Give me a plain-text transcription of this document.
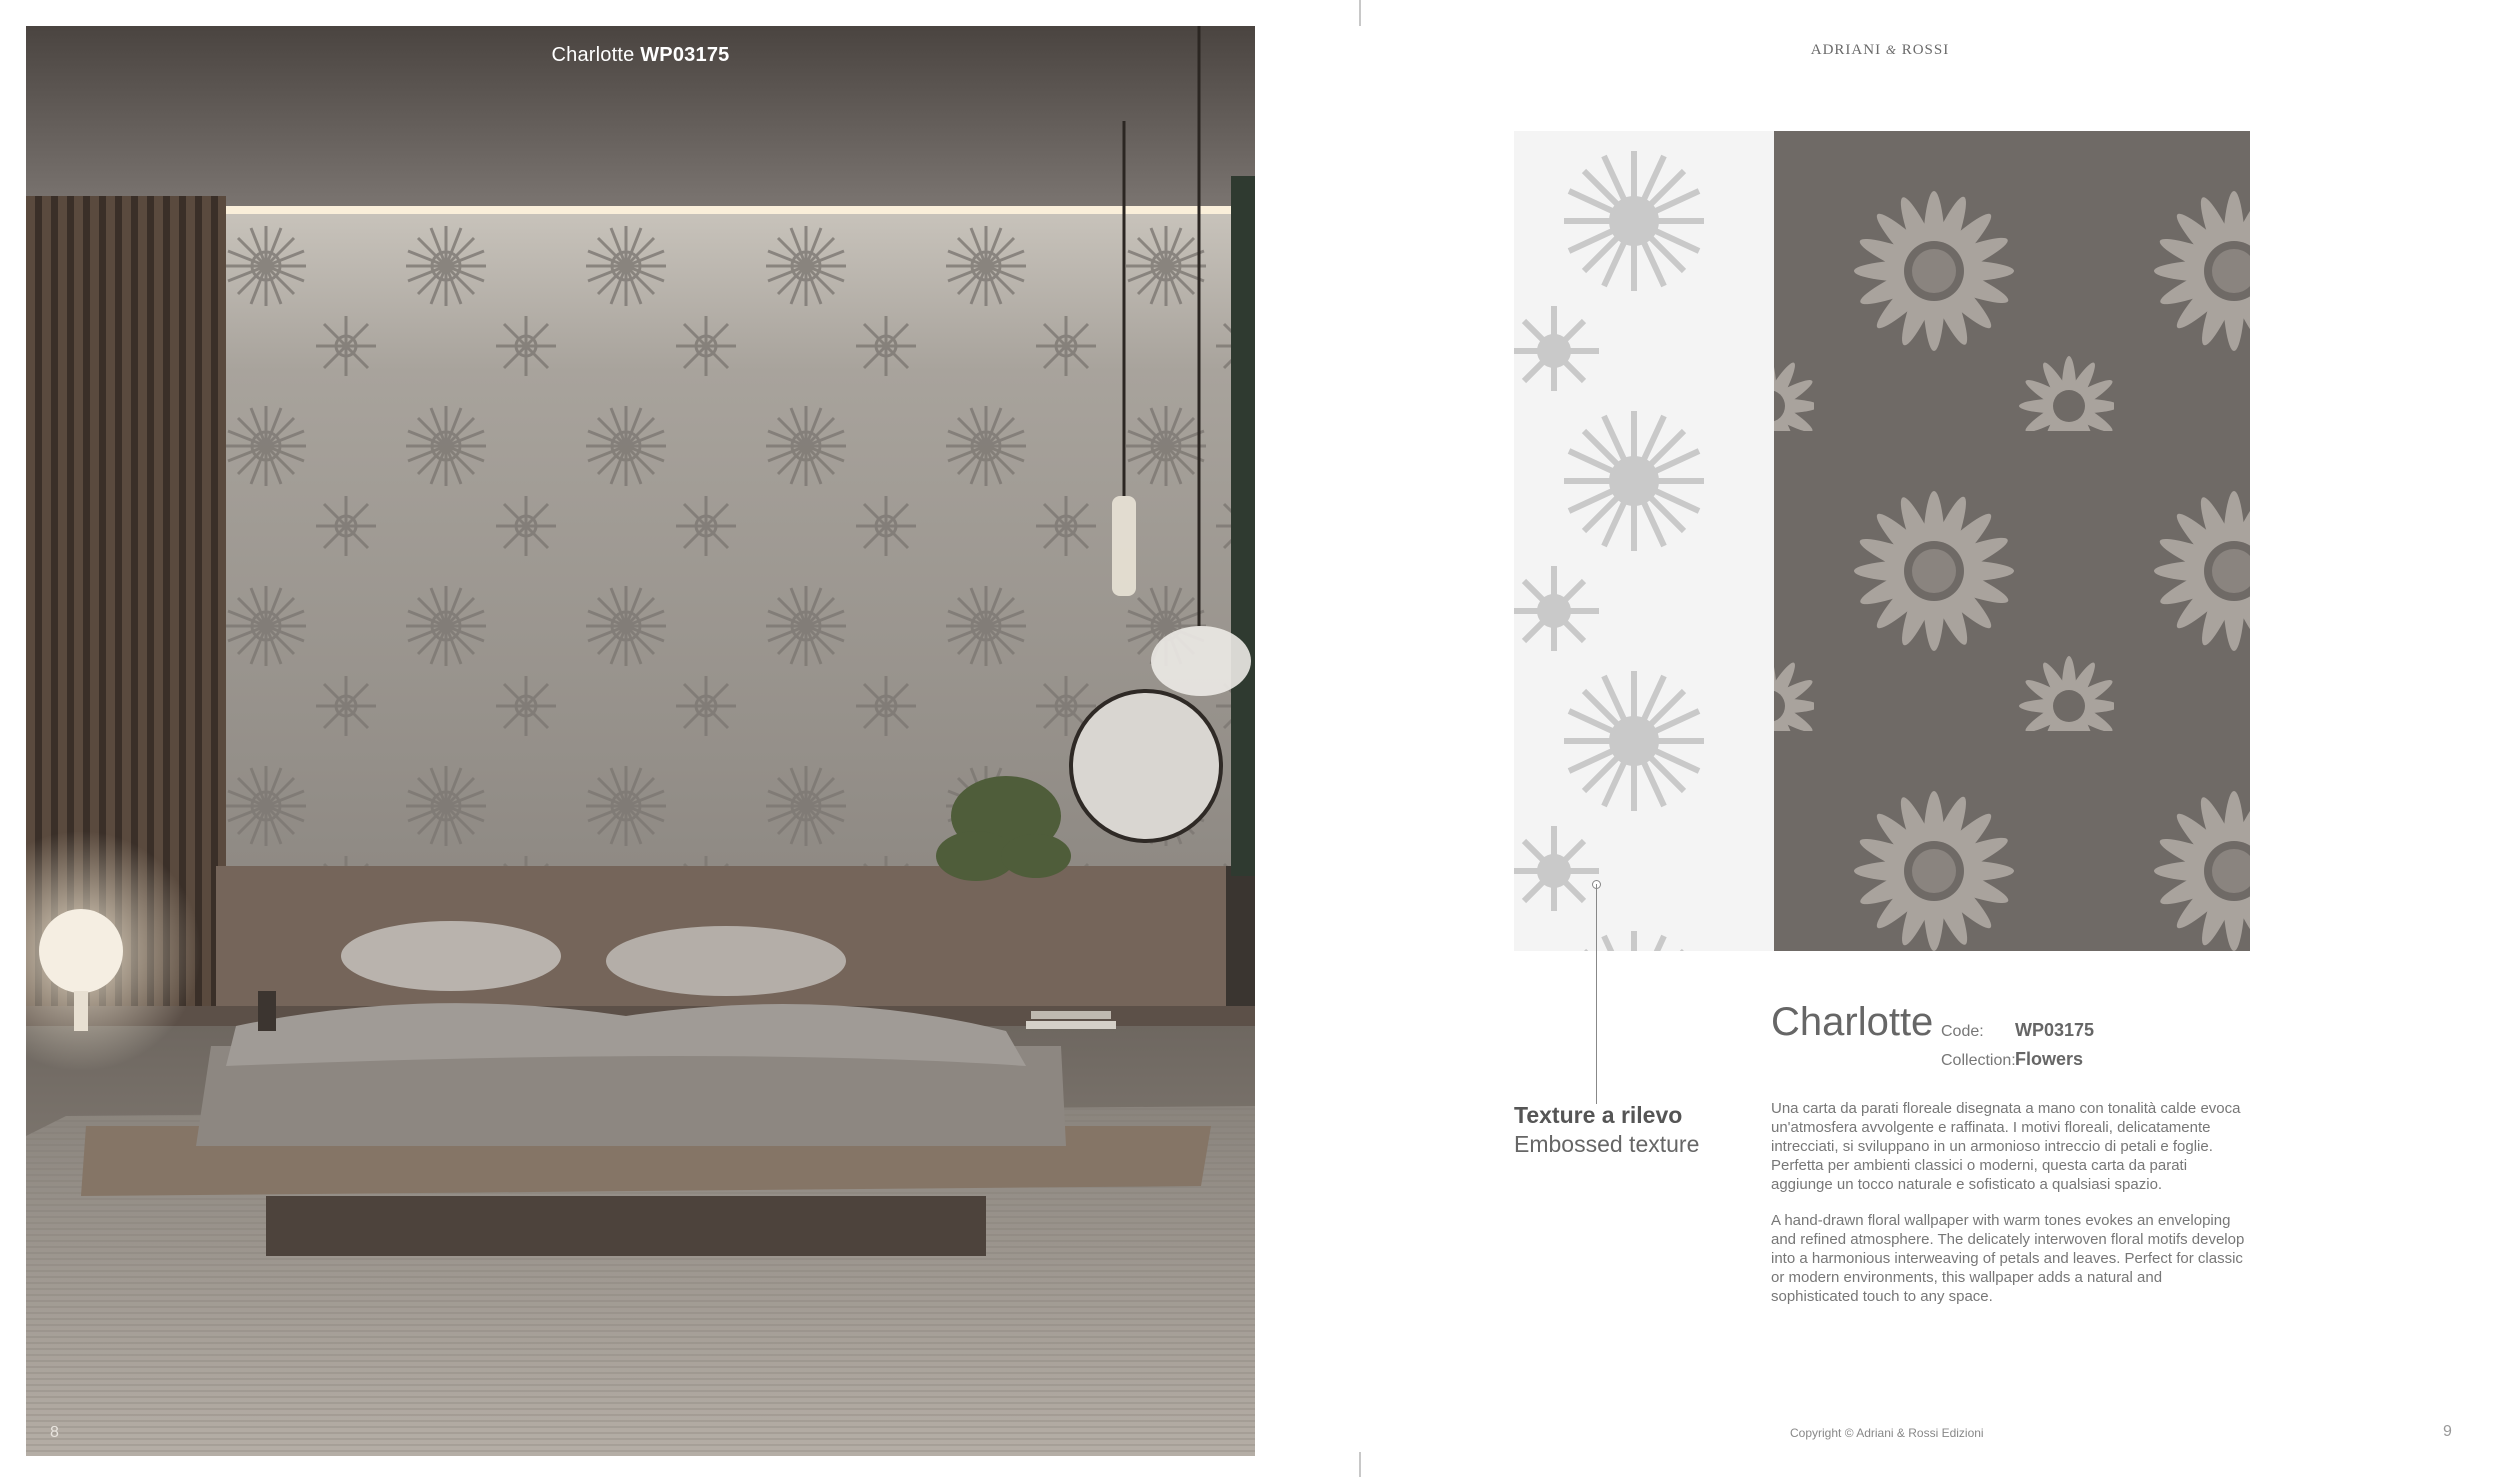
Charlotte WP03175
8
ADRIANI & ROSSI
Texture a rilevo
Embossed texture
Charlotte Code: WP03175
Collection: Flowers
Una carta da parati floreale disegnata a mano con tonalità calde evoca un'atmosfera avvolgente e raffinata. I motivi floreali, delicatamente intrecciati, si sviluppano in un armonioso intreccio di petali e foglie. Perfetta per ambienti classici o moderni, questa carta da parati aggiunge un tocco naturale e sofisticato a qualsiasi spazio.
A hand-drawn floral wallpaper with warm tones evokes an enveloping and refined atmosphere. The delicately interwoven floral motifs develop into a harmonious interweaving of petals and leaves. Perfect for classic or modern environments, this wallpaper adds a natural and sophisticated touch to any space.
Copyright © Adriani & Rossi Edizioni	9
